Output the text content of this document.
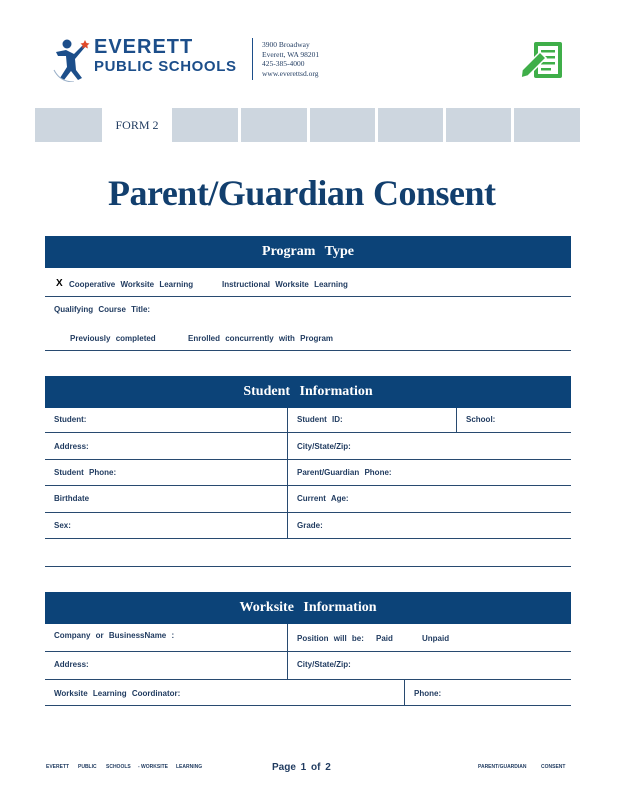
EVERETT
PUBLIC SCHOOLS
3900 Broadway
Everett, WA 98201
425-385-4000
www.everettsd.org
FORM 2
Parent/Guardian Consent
Program Type
X Cooperative Worksite Learning	Instructional Worksite Learning
Qualifying Course Title:
Previously completed	Enrolled concurrently with Program
Student Information
Student:	Student ID:	School:
Address:	City/State/Zip:
Student Phone:	Parent/Guardian Phone:
Birthdate	Current Age:
Sex:	Grade:
Worksite Information
Company or BusinessName :	Position will be: Paid	Unpaid
Address:	City/State/Zip:
Worksite Learning Coordinator:	Phone:
EVERETT PUBLIC SCHOOLS - WORKSITE LEARNING	Page 1 of 2	PARENT/GUARDIAN	CONSENT
